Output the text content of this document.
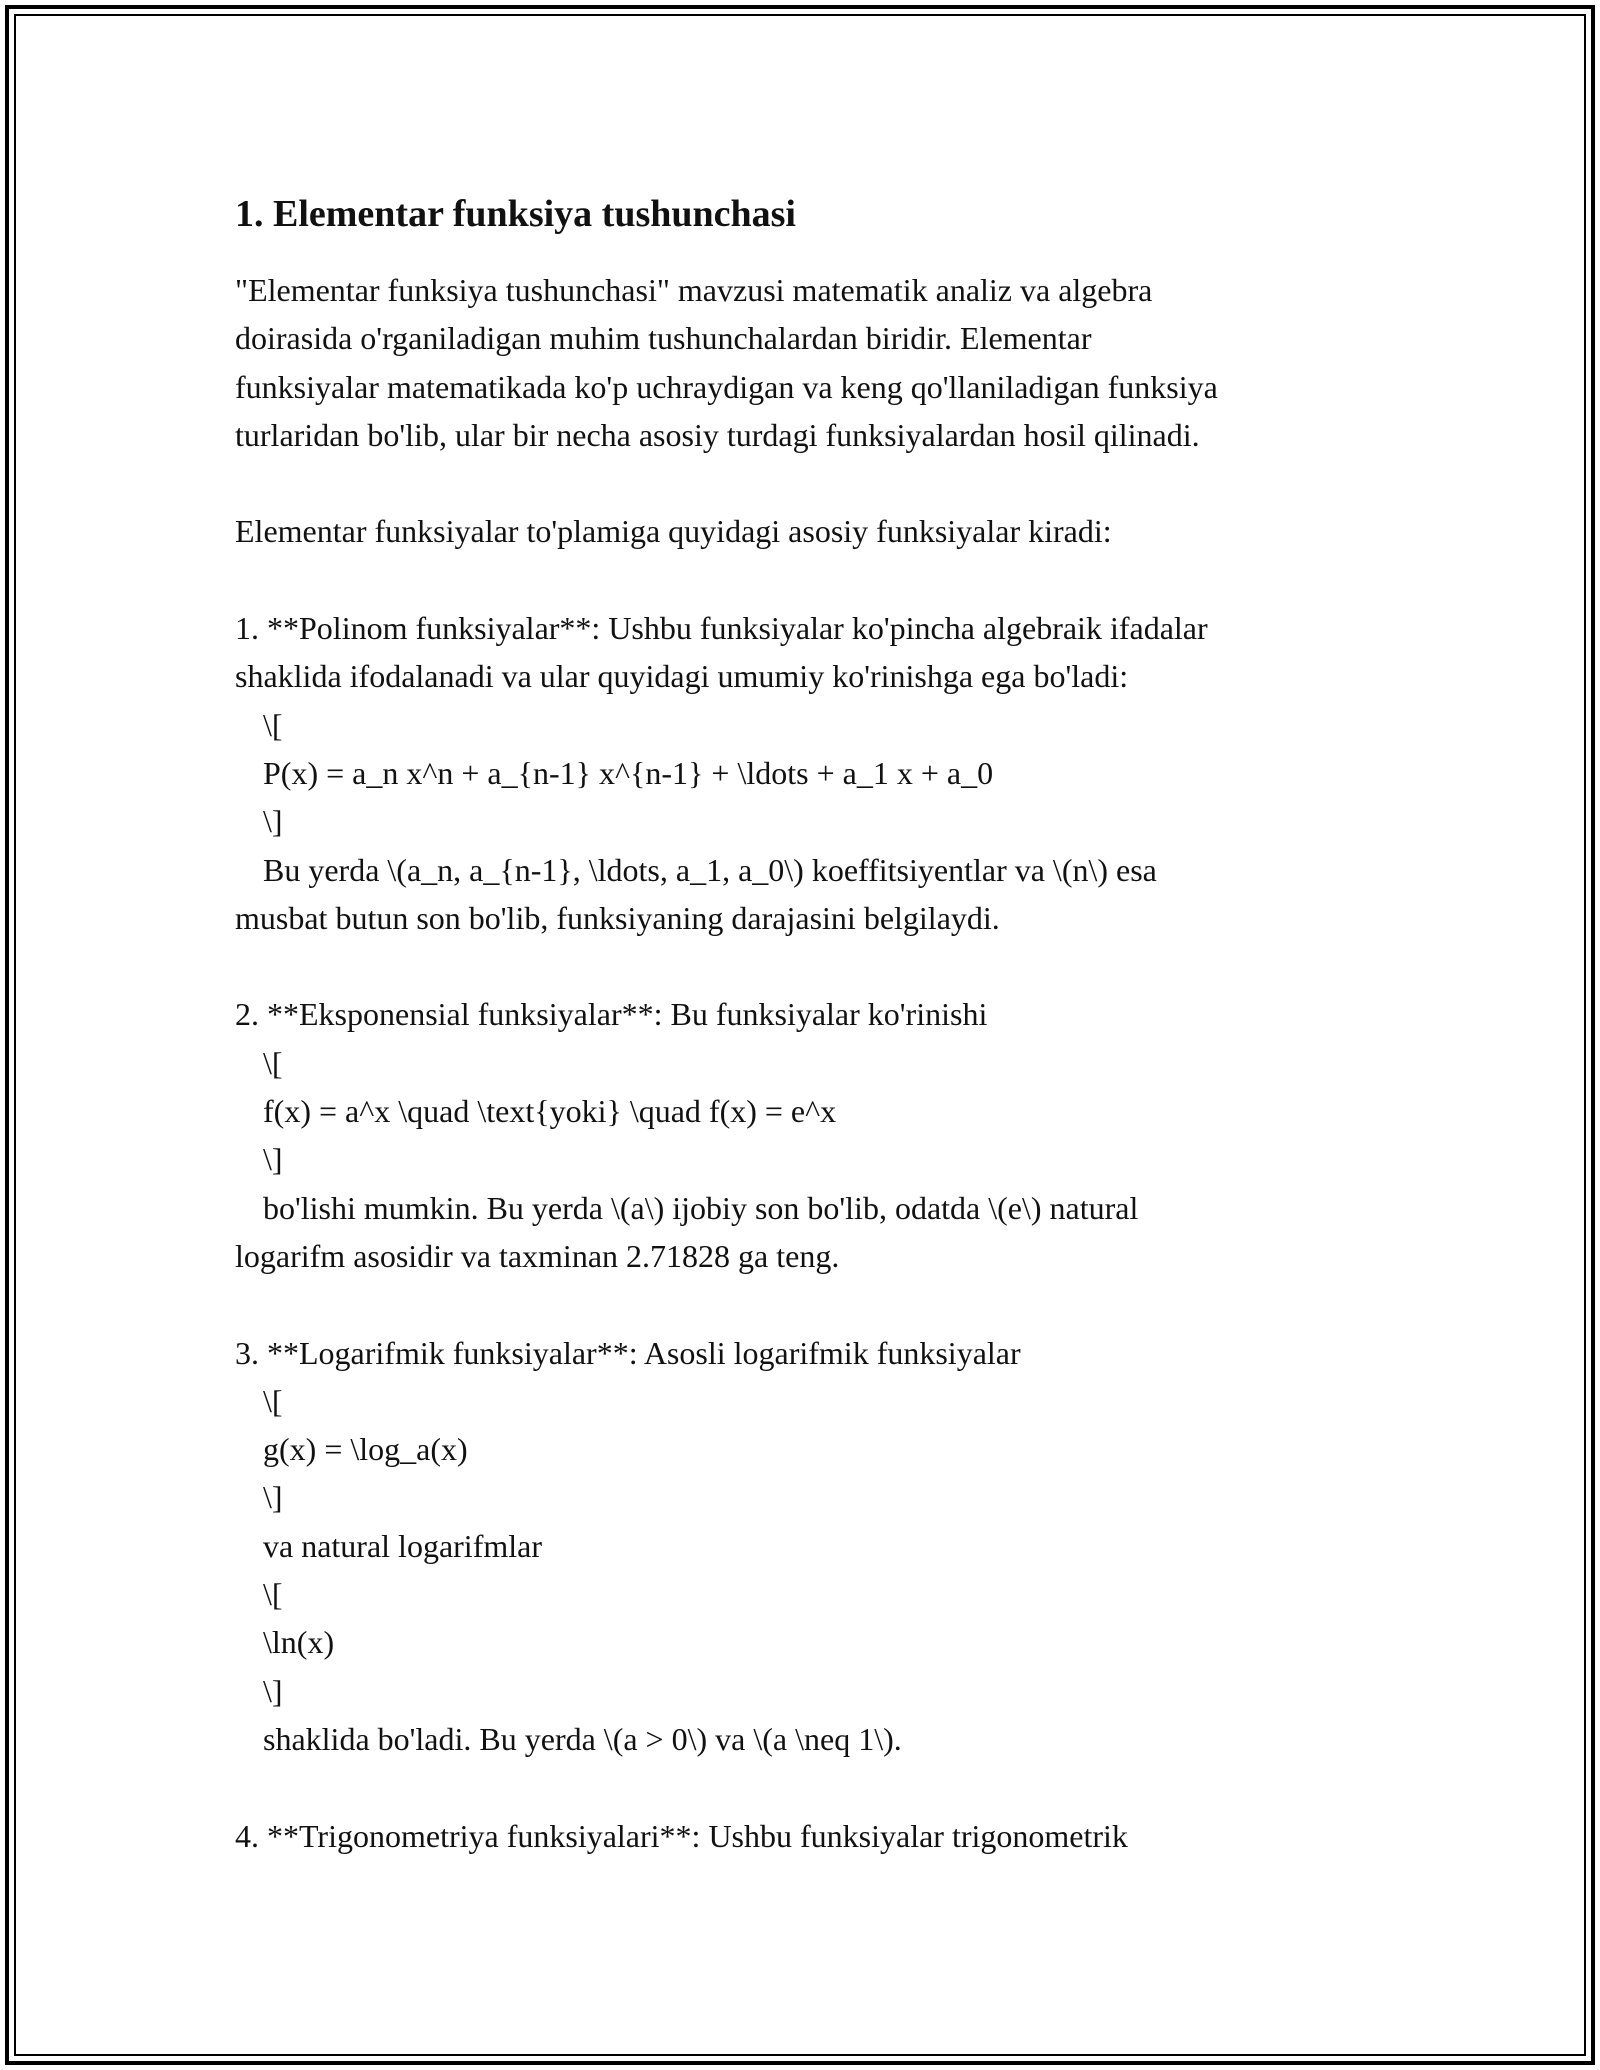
1. Elementar funksiya tushunchasi

"Elementar funksiya tushunchasi" mavzusi matematik analiz va algebra

doirasida o'rganiladigan muhim tushunchalardan biridir. Elementar

funksiyalar matematikada ko'p uchraydigan va keng qo'llaniladigan funksiya

turlaridan bo'lib, ular bir necha asosiy turdagi funksiyalardan hosil qilinadi.

Elementar funksiyalar to'plamiga quyidagi asosiy funksiyalar kiradi:

1. **Polinom funksiyalar**: Ushbu funksiyalar ko'pincha algebraik ifadalar

shaklida ifodalanadi va ular quyidagi umumiy ko'rinishga ega bo'ladi:

\[

P(x) = a_n x^n + a_{n-1} x^{n-1} + \ldots + a_1 x + a_0

\]

Bu yerda \(a_n, a_{n-1}, \ldots, a_1, a_0\) koeffitsiyentlar va \(n\) esa

musbat butun son bo'lib, funksiyaning darajasini belgilaydi.

2. **Eksponensial funksiyalar**: Bu funksiyalar ko'rinishi

\[

f(x) = a^x \quad \text{yoki} \quad f(x) = e^x

\]

bo'lishi mumkin. Bu yerda \(a\) ijobiy son bo'lib, odatda \(e\) natural

logarifm asosidir va taxminan 2.71828 ga teng.

3. **Logarifmik funksiyalar**: Asosli logarifmik funksiyalar

\[

g(x) = \log_a(x)

\]

va natural logarifmlar

\[

\ln(x)

\]

shaklida bo'ladi. Bu yerda \(a > 0\) va \(a \neq 1\).

4. **Trigonometriya funksiyalari**: Ushbu funksiyalar trigonometrik
